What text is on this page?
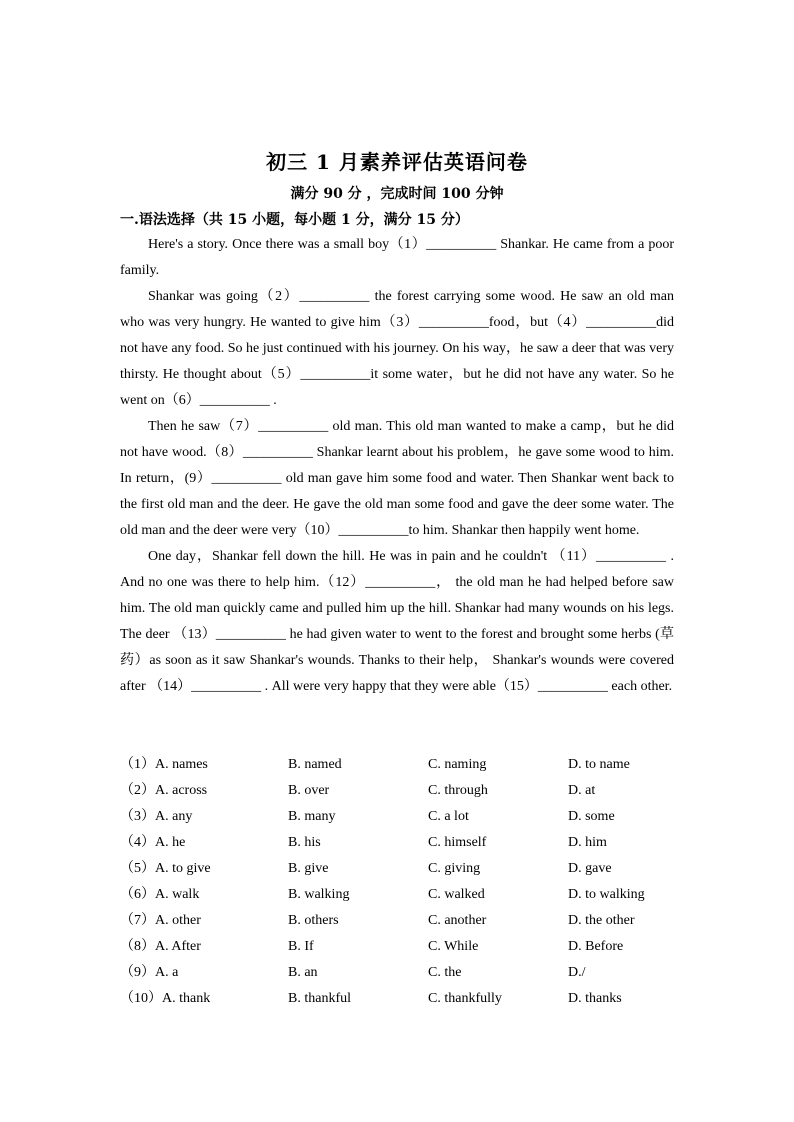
初三 1 月素养评估英语问卷
满分 90 分 ，完成时间 100 分钟
一.语法选择（共 15 小题，每小题 1 分，满分 15 分）

Here's a story. Once there was a small boy（1）__________ Shankar. He came from a poor family.

Shankar was going（2）__________ the forest carrying some wood. He saw an old man who was very hungry. He wanted to give him（3）__________food，but（4）__________did not have any food. So he just continued with his journey. On his way，he saw a deer that was very thirsty. He thought about（5）__________it some water，but he did not have any water. So he went on（6）__________ .

Then he saw（7）__________ old man. This old man wanted to make a camp，but he did not have wood.（8）__________ Shankar learnt about his problem，he gave some wood to him. In return，(9）__________ old man gave him some food and water. Then Shankar went back to the first old man and the deer. He gave the old man some food and gave the deer some water. The old man and the deer were very（10）__________to him. Shankar then happily went home.

One day，Shankar fell down the hill. He was in pain and he couldn't （11）__________ . And no one was there to help him.（12）__________， the old man he had helped before saw him. The old man quickly came and pulled him up the hill. Shankar had many wounds on his legs. The deer （13）__________ he had given water to went to the forest and brought some herbs (草药）as soon as it saw Shankar's wounds. Thanks to their help， Shankar's wounds were covered after （14）__________ . All were very happy that they were able（15）__________ each other.

（1）A. names	B. named	C. naming	D. to name
（2）A. across	B. over	C. through	D. at
（3）A. any	B. many	C. a lot	D. some
（4）A. he	B. his	C. himself	D. him
（5）A. to give	B. give	C. giving	D. gave
（6）A. walk	B. walking	C. walked	D. to walking
（7）A. other	B. others	C. another	D. the other
（8）A. After	B. If	C. While	D. Before
（9）A. a	B. an	C. the	D./
（10）A. thank	B. thankful	C. thankfully	D. thanks
